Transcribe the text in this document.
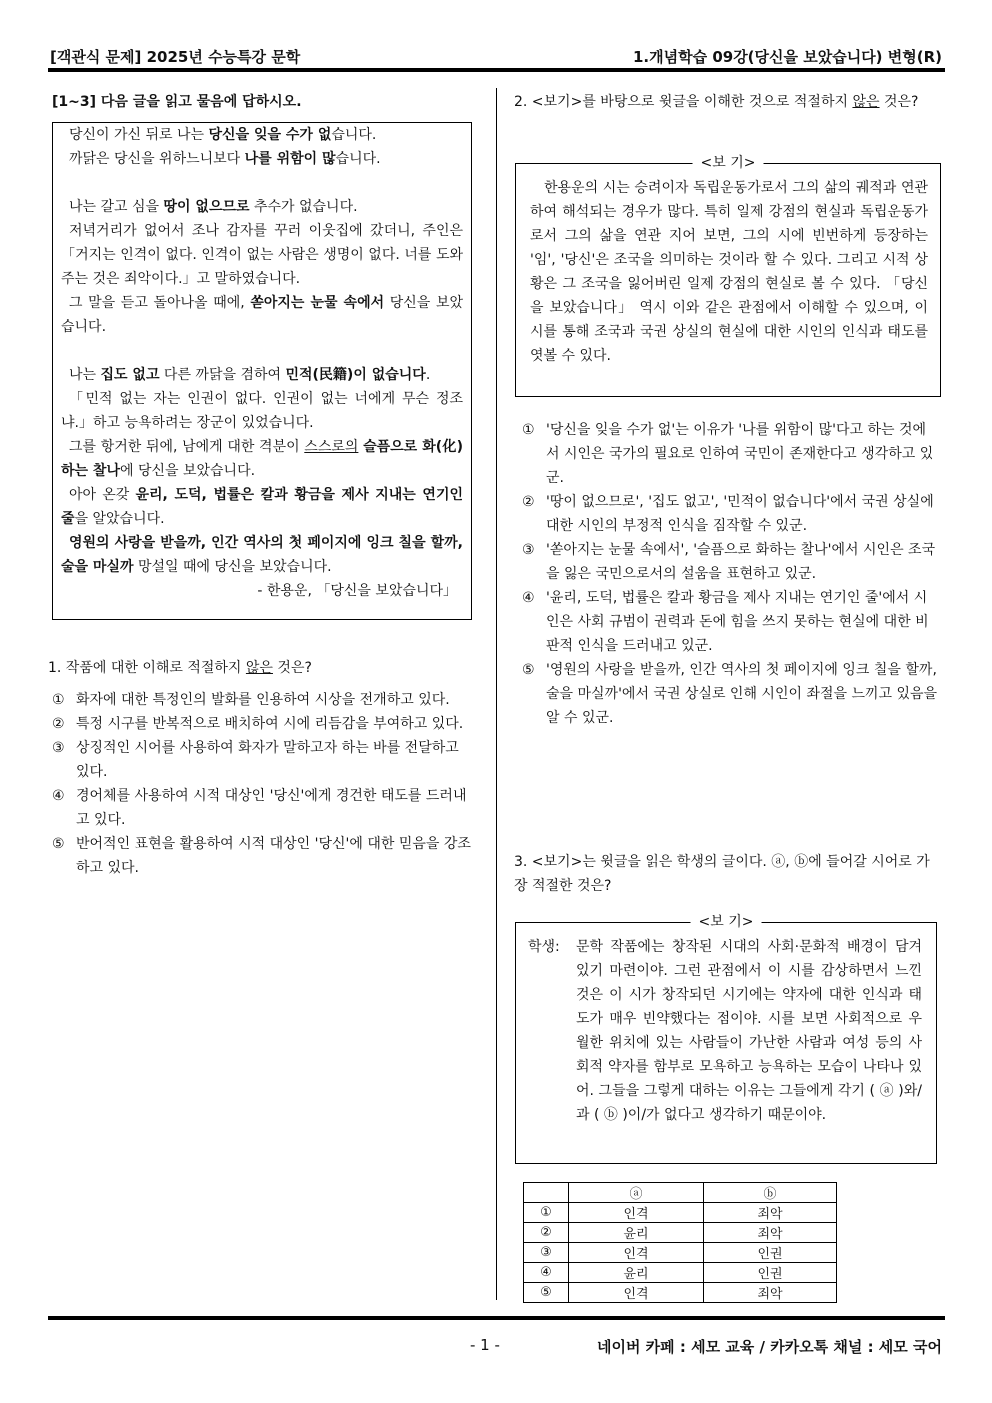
[객관식 문제] 2025년 수능특강 문학	1.개념학습 09강(당신을 보았습니다) 변형(R)
[1~3] 다음 글을 읽고 물음에 답하시오.

당신이 가신 뒤로 나는 당신을 잊을 수가 없습니다.

까닭은 당신을 위하느니보다 나를 위함이 많습니다.

나는 갈고 심을 땅이 없으므로 추수가 없습니다.

저녁거리가 없어서 조나 감자를 꾸러 이웃집에 갔더니, 주인은 「거지는 인격이 없다. 인격이 없는 사람은 생명이 없다. 너를 도와주는 것은 죄악이다.」고 말하였습니다.

그 말을 듣고 돌아나올 때에, 쏟아지는 눈물 속에서 당신을 보았습니다.

나는 집도 없고 다른 까닭을 겸하여 민적(民籍)이 없습니다.

「민적 없는 자는 인권이 없다. 인권이 없는 너에게 무슨 정조냐.」하고 능욕하려는 장군이 있었습니다.

그를 항거한 뒤에, 남에게 대한 격분이 스스로의 슬픔으로 화(化)하는 찰나에 당신을 보았습니다.

아아 온갖 윤리, 도덕, 법률은 칼과 황금을 제사 지내는 연기인 줄을 알았습니다.

영원의 사랑을 받을까, 인간 역사의 첫 페이지에 잉크 칠을 할까, 술을 마실까 망설일 때에 당신을 보았습니다.

- 한용운, 「당신을 보았습니다」

1. 작품에 대한 이해로 적절하지 않은 것은?

① 화자에 대한 특정인의 발화를 인용하여 시상을 전개하고 있다.

② 특정 시구를 반복적으로 배치하여 시에 리듬감을 부여하고 있다.

③ 상징적인 시어를 사용하여 화자가 말하고자 하는 바를 전달하고 있다.

④ 경어체를 사용하여 시적 대상인 '당신'에게 경건한 태도를 드러내고 있다.

⑤ 반어적인 표현을 활용하여 시적 대상인 '당신'에 대한 믿음을 강조하고 있다.

2. <보기>를 바탕으로 윗글을 이해한 것으로 적절하지 않은 것은?

<보 기>
한용운의 시는 승려이자 독립운동가로서 그의 삶의 궤적과 연관하여 해석되는 경우가 많다. 특히 일제 강점의 현실과 독립운동가로서 그의 삶을 연관 지어 보면, 그의 시에 빈번하게 등장하는 '임', '당신'은 조국을 의미하는 것이라 할 수 있다. 그리고 시적 상황은 그 조국을 잃어버린 일제 강점의 현실로 볼 수 있다. 「당신을 보았습니다」 역시 이와 같은 관점에서 이해할 수 있으며, 이 시를 통해 조국과 국권 상실의 현실에 대한 시인의 인식과 태도를 엿볼 수 있다.

① '당신을 잊을 수가 없'는 이유가 '나를 위함이 많'다고 하는 것에서 시인은 국가의 필요로 인하여 국민이 존재한다고 생각하고 있군.

② '땅이 없으므로', '집도 없고', '민적이 없습니다'에서 국권 상실에 대한 시인의 부정적 인식을 짐작할 수 있군.

③ '쏟아지는 눈물 속에서', '슬픔으로 화하는 찰나'에서 시인은 조국을 잃은 국민으로서의 설움을 표현하고 있군.

④ '윤리, 도덕, 법률은 칼과 황금을 제사 지내는 연기인 줄'에서 시인은 사회 규범이 권력과 돈에 힘을 쓰지 못하는 현실에 대한 비판적 인식을 드러내고 있군.

⑤ '영원의 사랑을 받을까, 인간 역사의 첫 페이지에 잉크 칠을 할까, 술을 마실까'에서 국권 상실로 인해 시인이 좌절을 느끼고 있음을 알 수 있군.

3. <보기>는 윗글을 읽은 학생의 글이다. ⓐ, ⓑ에 들어갈 시어로 가장 적절한 것은?

<보 기>
학생: 문학 작품에는 창작된 시대의 사회·문화적 배경이 담겨 있기 마련이야. 그런 관점에서 이 시를 감상하면서 느낀 것은 이 시가 창작되던 시기에는 약자에 대한 인식과 태도가 매우 빈약했다는 점이야. 시를 보면 사회적으로 우월한 위치에 있는 사람들이 가난한 사람과 여성 등의 사회적 약자를 함부로 모욕하고 능욕하는 모습이 나타나 있어. 그들을 그렇게 대하는 이유는 그들에게 각기 ( ⓐ )와/과 ( ⓑ )이/가 없다고 생각하기 때문이야.
	ⓐ	ⓑ
①	인격	죄악
②	윤리	죄악
③	인격	인권
④	윤리	인권
⑤	인격	죄악
- 1 -	네이버 카페 : 세모 교육 / 카카오톡 채널 : 세모 국어
